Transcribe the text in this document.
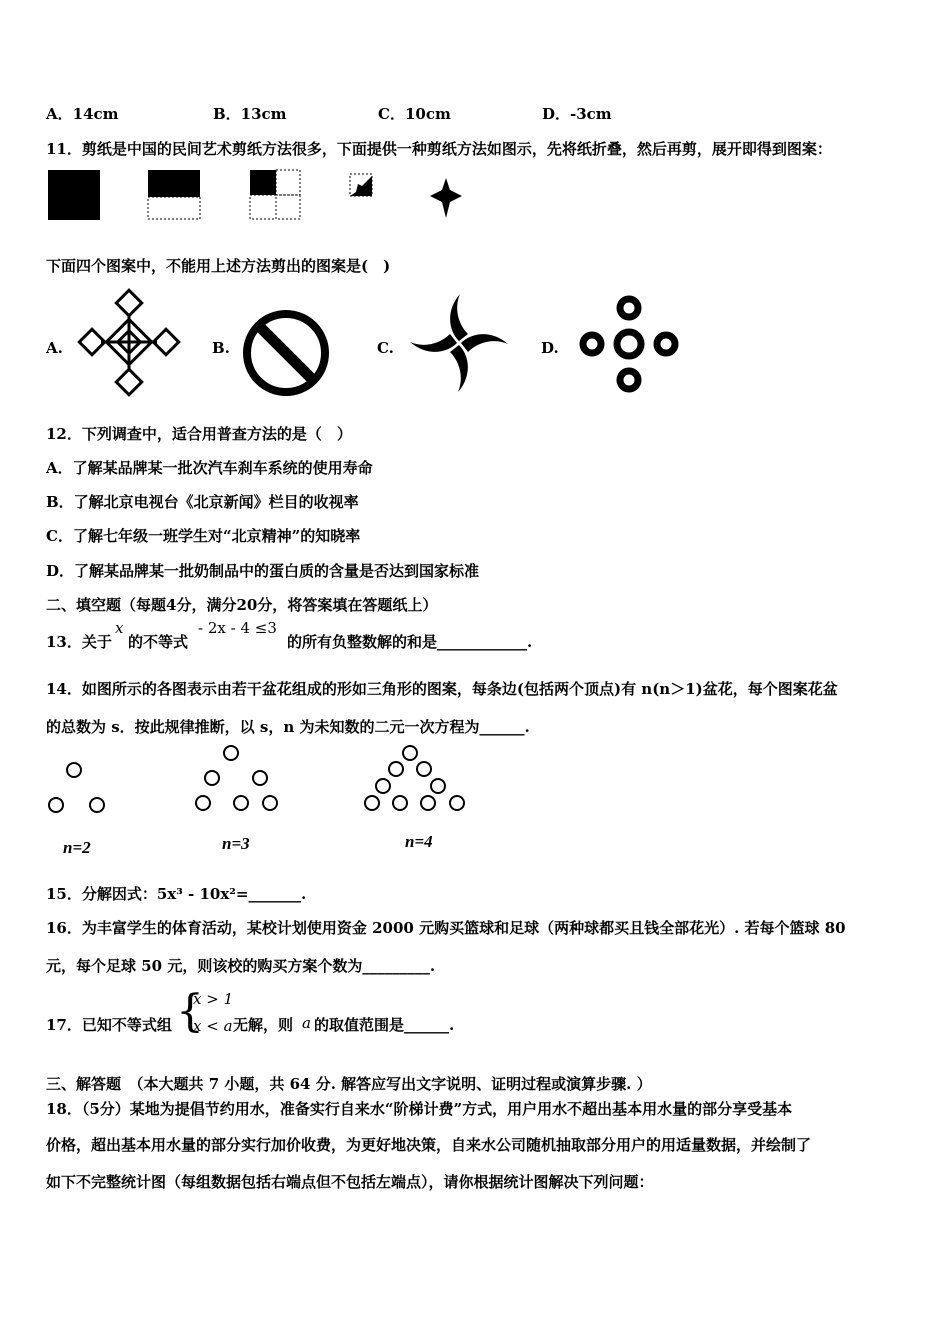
A．14cm	B．13cm	C．10cm	D．-3cm
11．剪纸是中国的民间艺术剪纸方法很多，下面提供一种剪纸方法如图示，先将纸折叠，然后再剪，展开即得到图案：
下面四个图案中，不能用上述方法剪出的图案是(　)
A.	B.	C.	D.
12．下列调查中，适合用普查方法的是（　）
A．了解某品牌某一批次汽车刹车系统的使用寿命
B．了解北京电视台《北京新闻》栏目的收视率
C．了解七年级一班学生对“北京精神”的知晓率
D．了解某品牌某一批奶制品中的蛋白质的含量是否达到国家标准
二、填空题（每题4分，满分20分，将答案填在答题纸上）
13．关于
x
的不等式
- 2x - 4 ≤3
的所有负整数解的和是____________.
14．如图所示的各图表示由若干盆花组成的形如三角形的图案，每条边(包括两个顶点)有 n(n＞1)盆花，每个图案花盆
的总数为 s．按此规律推断，以 s，n 为未知数的二元一次方程为______.
n=2	n=3	n=4
15．分解因式：5x³ - 10x²=_______.
16．为丰富学生的体育活动，某校计划使用资金 2000 元购买篮球和足球（两种球都买且钱全部花光）. 若每个篮球 80
元，每个足球 50 元，则该校的购买方案个数为_________.
17．已知不等式组 {
x > 1
x < a 无解，则 a 的取值范围是______.
三、解答题　（本大题共 7 小题，共 64 分. 解答应写出文字说明、证明过程或演算步骤. ）
18．（5分）某地为提倡节约用水，准备实行自来水“阶梯计费”方式，用户用水不超出基本用水量的部分享受基本
价格，超出基本用水量的部分实行加价收费，为更好地决策，自来水公司随机抽取部分用户的用适量数据，并绘制了
如下不完整统计图（每组数据包括右端点但不包括左端点），请你根据统计图解决下列问题：
